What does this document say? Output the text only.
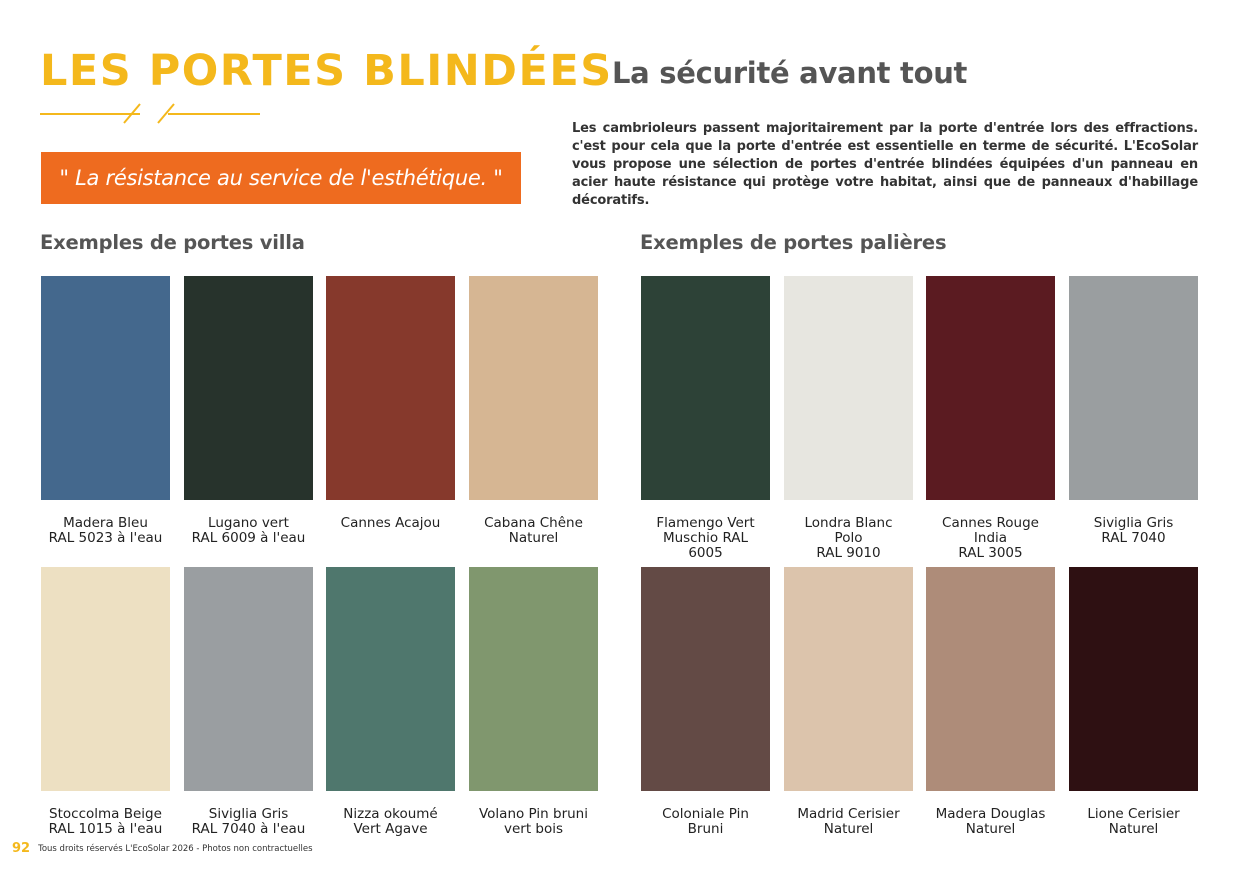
LES PORTES BLINDÉES
" La résistance au service de l'esthétique. "
La sécurité avant tout

Les cambrioleurs passent majoritairement par la porte d'entrée lors des effractions. c'est pour cela que la porte d'entrée est essentielle en terme de sécurité. L'EcoSolar vous propose une sélection de portes d'entrée blindées équipées d'un panneau en acier haute résistance qui protège votre habitat, ainsi que de panneaux d'habillage décoratifs.

Exemples de portes villa	Exemples de portes palières
Madera Bleu
RAL 5023 à l'eau
Lugano vert
RAL 6009 à l'eau
Cannes Acajou	Cabana Chêne
Naturel
Stoccolma Beige
RAL 1015 à l'eau
Siviglia Gris
RAL 7040 à l'eau
Nizza okoumé
Vert Agave
Volano Pin bruni
vert bois
Flamengo Vert
Muschio RAL
6005
Londra Blanc
Polo
RAL 9010
Cannes Rouge
India
RAL 3005
Siviglia Gris
RAL 7040
Coloniale Pin
Bruni
Madrid Cerisier
Naturel
Madera Douglas
Naturel
Lione Cerisier
Naturel
92 Tous droits réservés L'EcoSolar 2026 - Photos non contractuelles
